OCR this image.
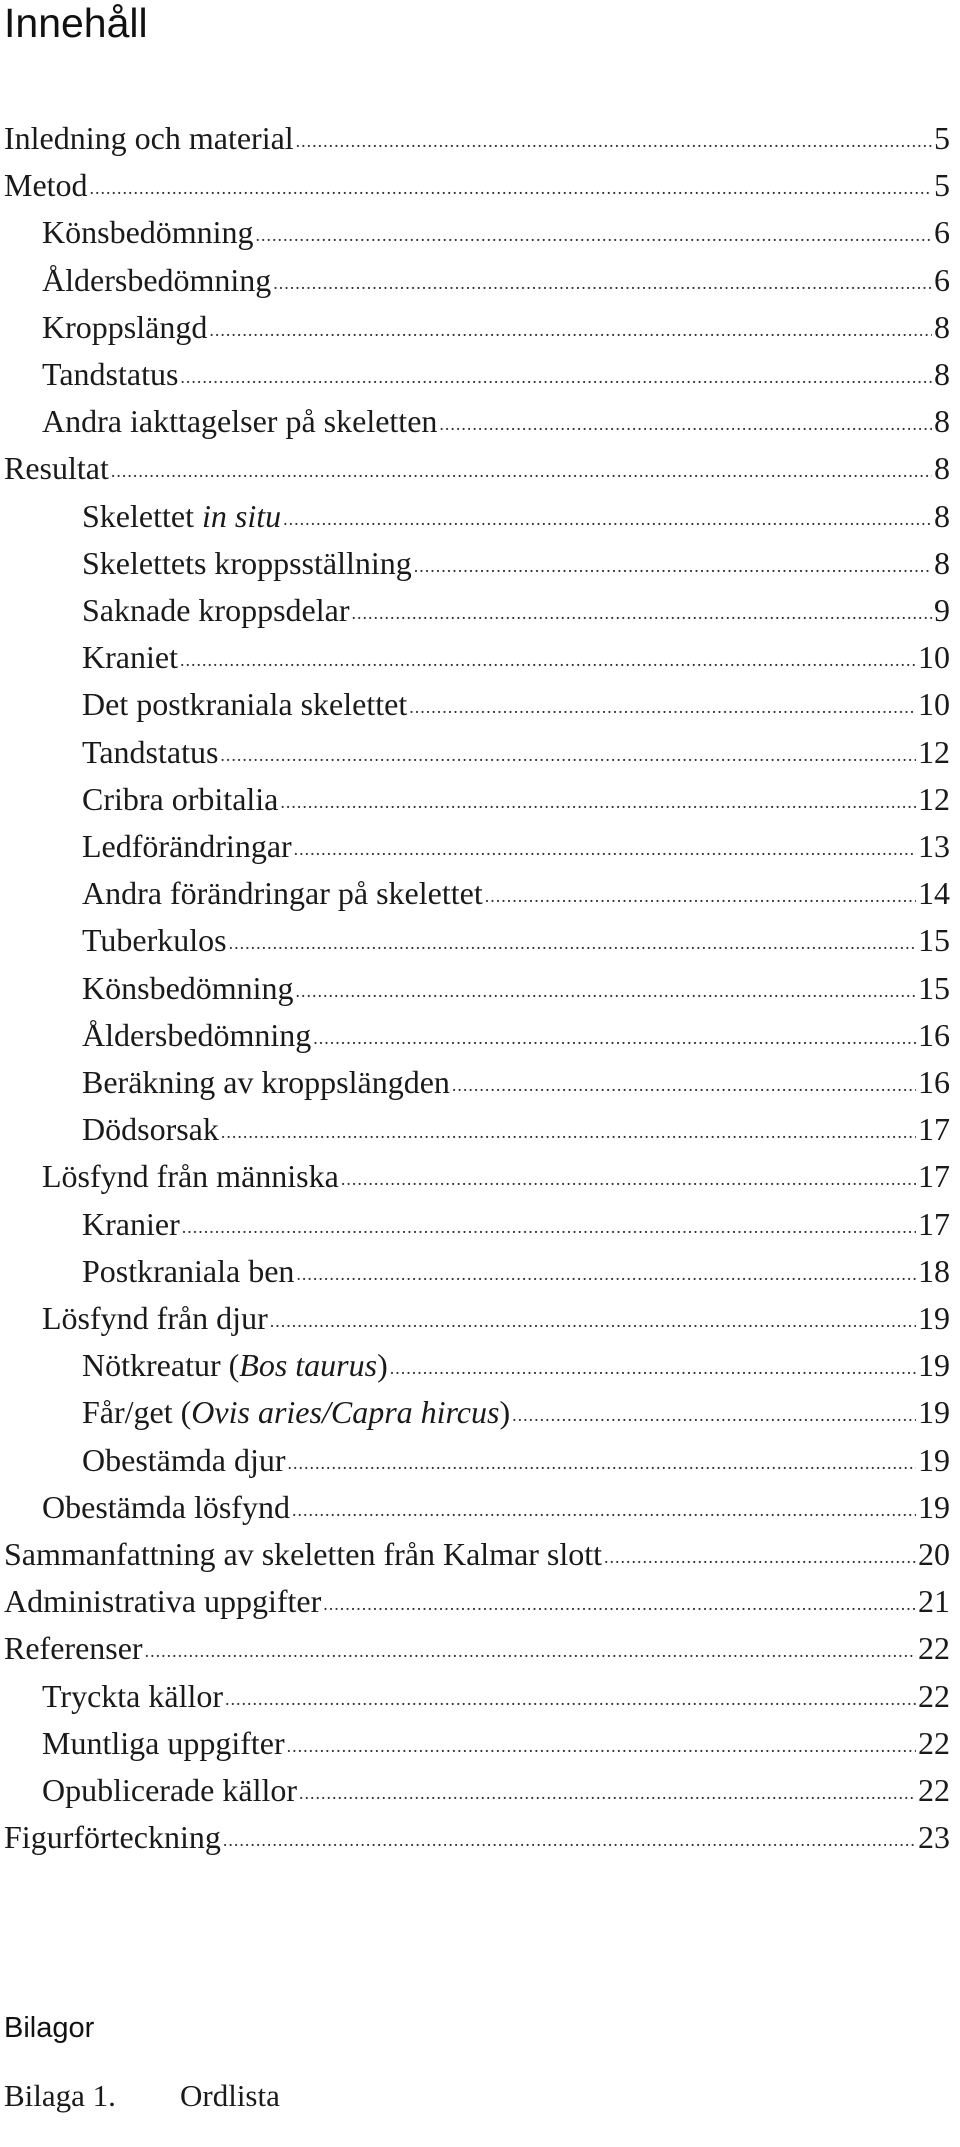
Innehåll
Inledning och material .....	5
Metod .....	5
Könsbedömning .....	6
Åldersbedömning .....	6
Kroppslängd .....	8
Tandstatus .....	8
Andra iakttagelser på skeletten .....	8
Resultat .....	8
Skelettet in situ .....	8
Skelettets kroppsställning .....	8
Saknade kroppsdelar .....	9
Kraniet .....	10
Det postkraniala skelettet .....	10
Tandstatus .....	12
Cribra orbitalia .....	12
Ledförändringar .....	13
Andra förändringar på skelettet .....	14
Tuberkulos .....	15
Könsbedömning .....	15
Åldersbedömning .....	16
Beräkning av kroppslängden .....	16
Dödsorsak .....	17
Lösfynd från människa .....	17
Kranier .....	17
Postkraniala ben .....	18
Lösfynd från djur .....	19
Nötkreatur (Bos taurus) .....	19
Får/get (Ovis aries/Capra hircus) .....	19
Obestämda djur .....	19
Obestämda lösfynd .....	19
Sammanfattning av skeletten från Kalmar slott .....	20
Administrativa uppgifter .....	21
Referenser .....	22
Tryckta källor .....	22
Muntliga uppgifter .....	22
Opublicerade källor .....	22
Figurförteckning .....	23
Bilagor
Bilaga 1.	Ordlista
